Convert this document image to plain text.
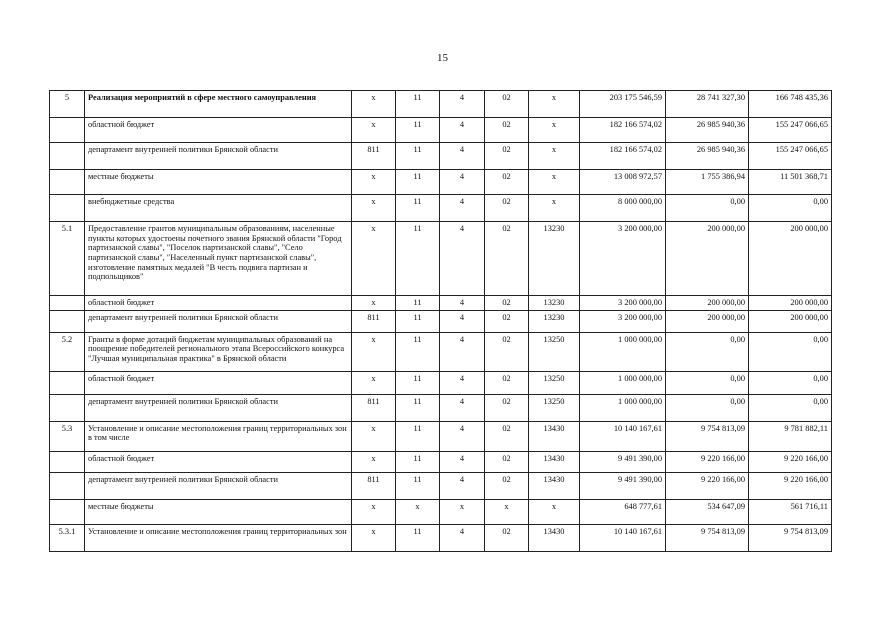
15
5	Реализация мероприятий в сфере местного самоуправления	х	11	4	02	х	203 175 546,59	28 741 327,30	166 748 435,36
	областной бюджет	х	11	4	02	х	182 166 574,02	26 985 940,36	155 247 066,65
	департамент внутренней политики Брянской области	811	11	4	02	х	182 166 574,02	26 985 940,36	155 247 066,65
	местные бюджеты	х	11	4	02	х	13 008 972,57	1 755 386,94	11 501 368,71
	внебюджетные средства	х	11	4	02	х	8 000 000,00	0,00	0,00
5.1	Предоставление грантов муниципальным образованиям, населенные пункты которых удостоены почетного звания Брянской области "Город партизанской славы", "Поселок партизанской славы", "Село партизанской славы", "Населенный пункт партизанской славы", изготовление памятных медалей "В честь подвига партизан и подпольщиков"	х	11	4	02	13230	3 200 000,00	200 000,00	200 000,00
	областной бюджет	х	11	4	02	13230	3 200 000,00	200 000,00	200 000,00
	департамент внутренней политики Брянской области	811	11	4	02	13230	3 200 000,00	200 000,00	200 000,00
5.2	Гранты в форме дотаций бюджетам муниципальных образований на поощрение победителей регионального этапа Всероссийского конкурса "Лучшая муниципальная практика" в Брянской области	х	11	4	02	13250	1 000 000,00	0,00	0,00
	областной бюджет	х	11	4	02	13250	1 000 000,00	0,00	0,00
	департамент внутренней политики Брянской области	811	11	4	02	13250	1 000 000,00	0,00	0,00
5.3	Установление и описание местоположения границ территориальных зон в том числе	х	11	4	02	13430	10 140 167,61	9 754 813,09	9 781 882,11
	областной бюджет	х	11	4	02	13430	9 491 390,00	9 220 166,00	9 220 166,00
	департамент внутренней политики Брянской области	811	11	4	02	13430	9 491 390,00	9 220 166,00	9 220 166,00
	местные бюджеты	х	х	х	х	х	648 777,61	534 647,09	561 716,11
5.3.1	Установление и описание местоположения границ территориальных зон	х	11	4	02	13430	10 140 167,61	9 754 813,09	9 754 813,09
